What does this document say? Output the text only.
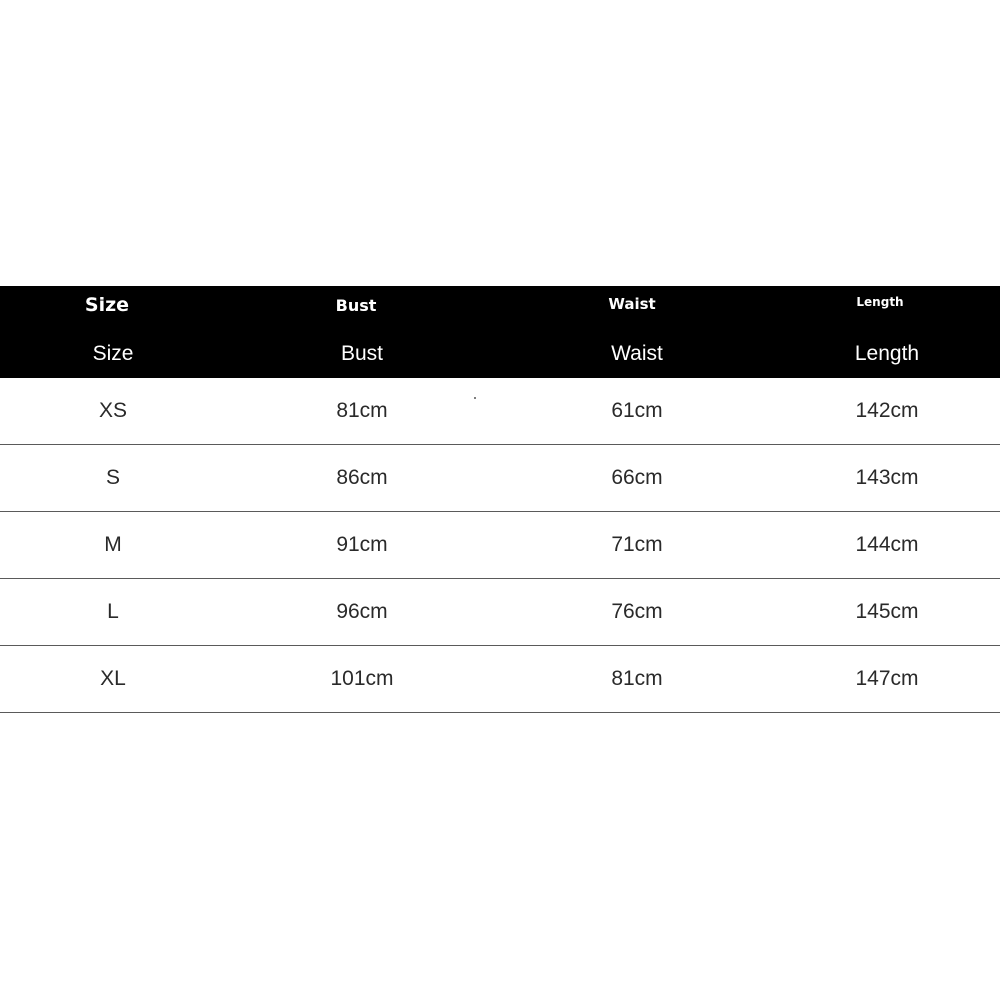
Size	Bust	Waist	Length
Size	Bust	Waist	Length
XS	81cm	61cm	142cm
S	86cm	66cm	143cm
M	91cm	71cm	144cm
L	96cm	76cm	145cm
XL	101cm	81cm	147cm
